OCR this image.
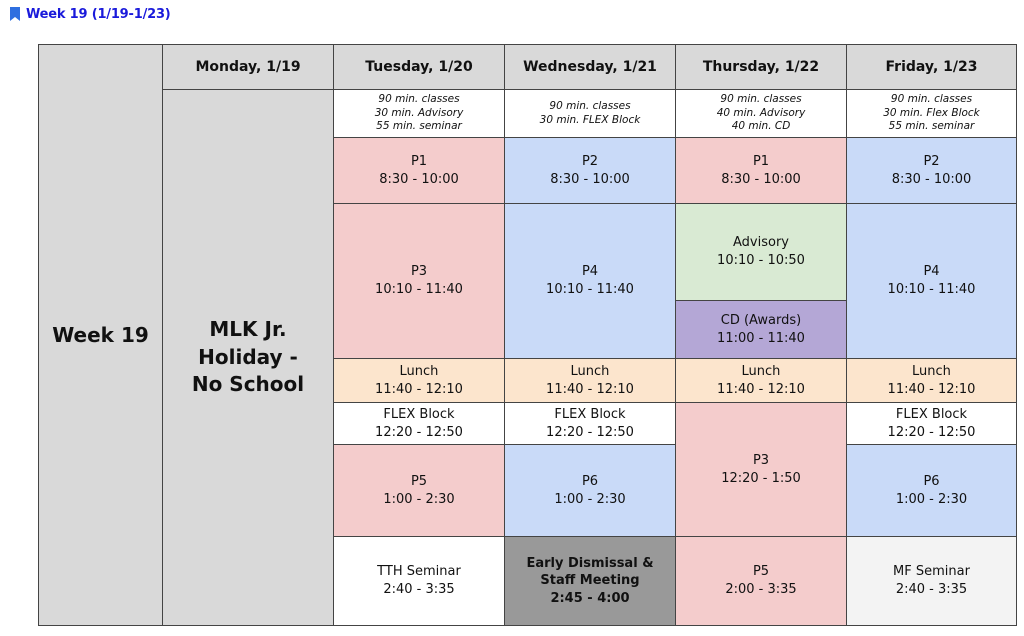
Week 19 (1/19-1/23)
Week 19	Monday, 1/19	Tuesday, 1/20	Wednesday, 1/21	Thursday, 1/22	Friday, 1/23

	MLK Jr.
Holiday -
No School	90 min. classes
30 min. Advisory
55 min. seminar	90 min. classes
30 min. FLEX Block	90 min. classes
40 min. Advisory
40 min. CD	90 min. classes
30 min. Flex Block
55 min. seminar

		P1
8:30 - 10:00	P2
8:30 - 10:00	P1
8:30 - 10:00	P2
8:30 - 10:00

		P3
10:10 - 11:40	P4
10:10 - 11:40	Advisory
10:10 - 10:50	P4
10:10 - 11:40

				CD (Awards)
11:00 - 11:40	

		Lunch
11:40 - 12:10	Lunch
11:40 - 12:10	Lunch
11:40 - 12:10	Lunch
11:40 - 12:10

		FLEX Block
12:20 - 12:50	FLEX Block
12:20 - 12:50	P3
12:20 - 1:50	FLEX Block
12:20 - 12:50

		P5
1:00 - 2:30	P6
1:00 - 2:30		P6
1:00 - 2:30

		TTH Seminar
2:40 - 3:35	Early Dismissal &
Staff Meeting
2:45 - 4:00	P5
2:00 - 3:35	MF Seminar
2:40 - 3:35
